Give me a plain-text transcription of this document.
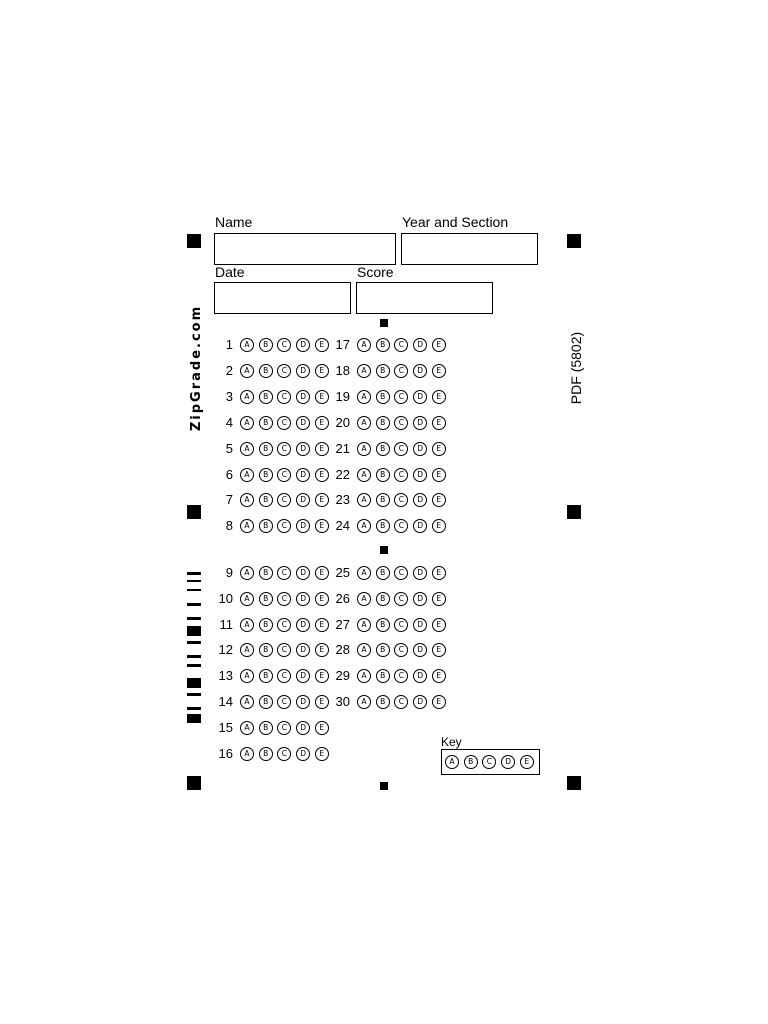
Name	Year and Section
Date	Score
ZipGrade.com	PDF (5802)
1	A	B	C	D	E
2	A	B	C	D	E
3	A	B	C	D	E
4	A	B	C	D	E
5	A	B	C	D	E
6	A	B	C	D	E
7	A	B	C	D	E
8	A	B	C	D	E
9	A	B	C	D	E
10	A	B	C	D	E
11	A	B	C	D	E
12	A	B	C	D	E
13	A	B	C	D	E
14	A	B	C	D	E
15	A	B	C	D	E
16	A	B	C	D	E
17	A	B	C	D	E
18	A	B	C	D	E
19	A	B	C	D	E
20	A	B	C	D	E
21	A	B	C	D	E
22	A	B	C	D	E
23	A	B	C	D	E
24	A	B	C	D	E
25	A	B	C	D	E
26	A	B	C	D	E
27	A	B	C	D	E
28	A	B	C	D	E
29	A	B	C	D	E
30	A	B	C	D	E
Key
A	B	C	D	E
